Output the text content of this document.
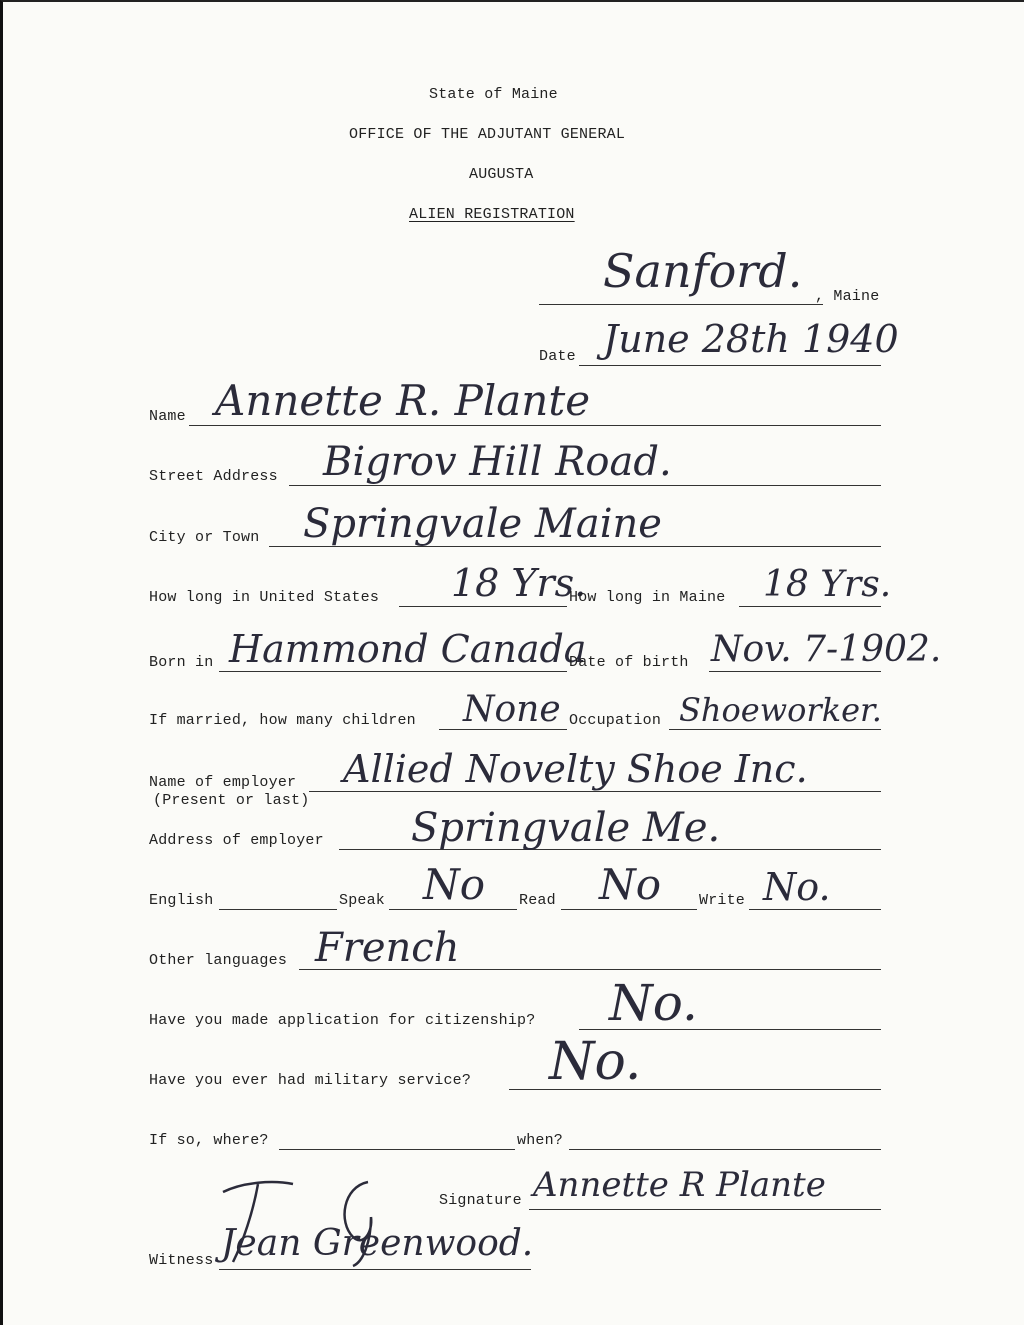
State of Maine
OFFICE OF THE ADJUTANT GENERAL
AUGUSTA
ALIEN REGISTRATION
Sanford. , Maine
Date June 28th 1940
Name Annette R. Plante
Street Address Bigrov Hill Road.
City or Town Springvale Maine
How long in United States 18 Yrs.
How long in Maine 18 Yrs.
Born in Hammond Canada
Date of birth Nov. 7-1902.
If married, how many children None Occupation Shoeworker.
Name of employer
(Present or last)
Allied Novelty Shoe Inc.
Address of employer Springvale Me.
English	Speak No Read No	Write No.
Other languages French
Have you made application for citizenship? No.
Have you ever had military service? No.
If so, where?	when?
Signature Annette R Plante
Witness Jean Greenwood.
